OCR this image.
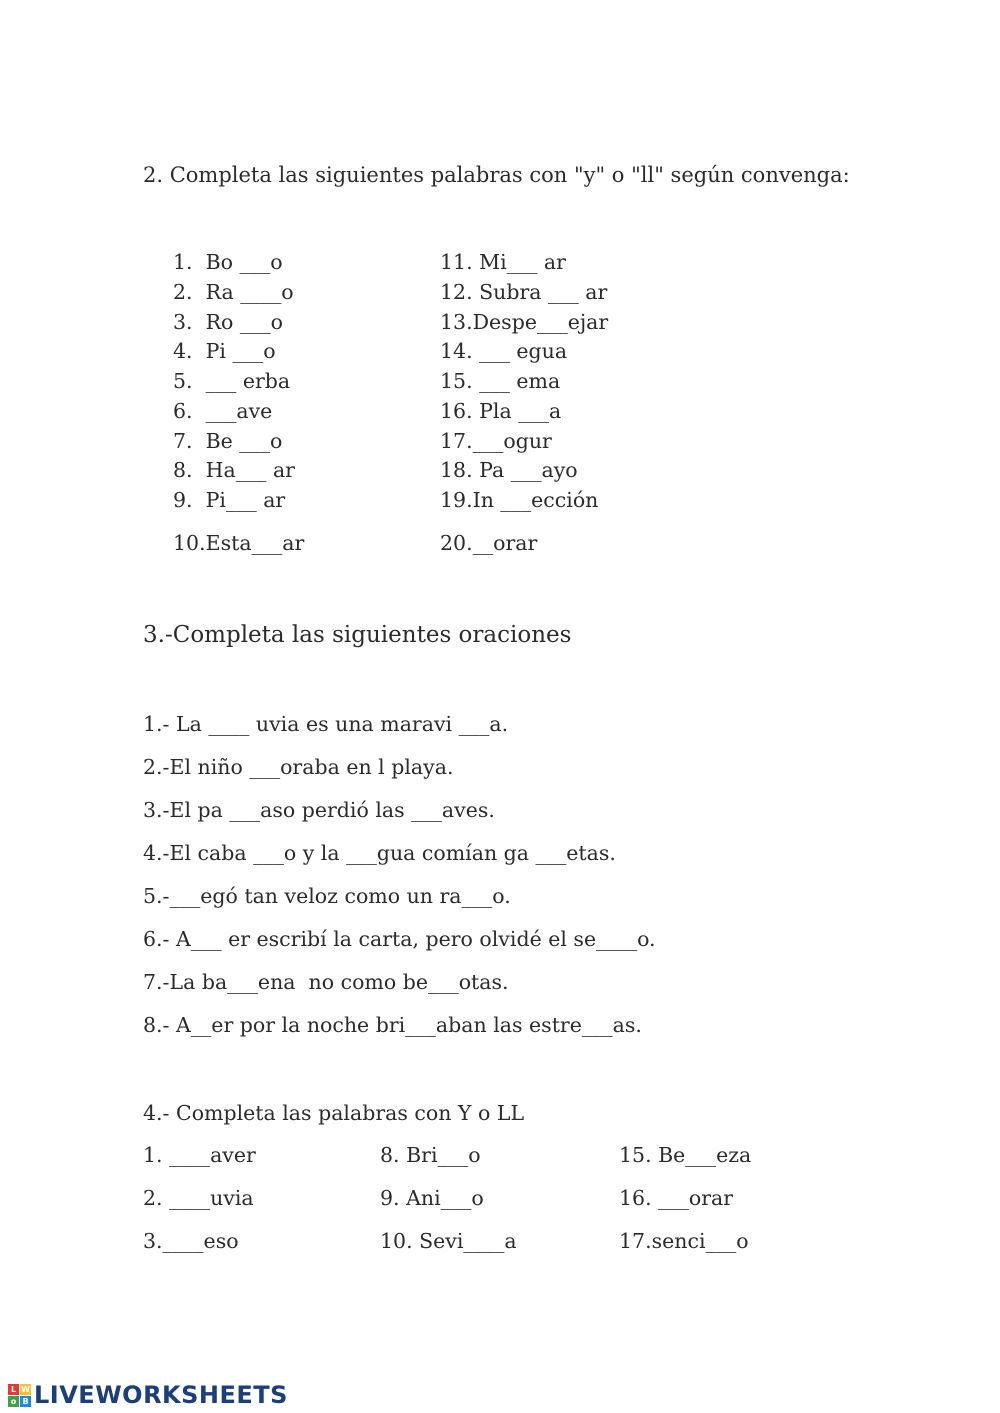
2. Completa las siguientes palabras con "y" o "ll" según convenga:
1.  Bo ___o
2.  Ra ____o
3.  Ro ___o
4.  Pi ___o
5.  ___ erba
6.  ___ave
7.  Be ___o
8.  Ha___ ar
9.  Pi___ ar
10.Esta___ar
11. Mi___ ar
12. Subra ___ ar
13.Despe___ejar
14. ___ egua
15. ___ ema
16. Pla ___a
17.___ogur
18. Pa ___ayo
19.In ___ección
20.__orar
3.-Completa las siguientes oraciones
1.- La ____ uvia es una maravi ___a.
2.-El niño ___oraba en l playa.
3.-El pa ___aso perdió las ___aves.
4.-El caba ___o y la ___gua comían ga ___etas.
5.-___egó tan veloz como un ra___o.
6.- A___ er escribí la carta, pero olvidé el se____o.
7.-La ba___ena  no como be___otas.
8.- A__er por la noche bri___aban las estre___as.
4.- Completa las palabras con Y o LL
1. ____aver
2. ____uvia
3.____eso
8. Bri___o
9. Ani___o
10. Sevi____a
15. Be___eza
16. ___orar
17.senci___o
L W
o B LIVEWORKSHEETS
